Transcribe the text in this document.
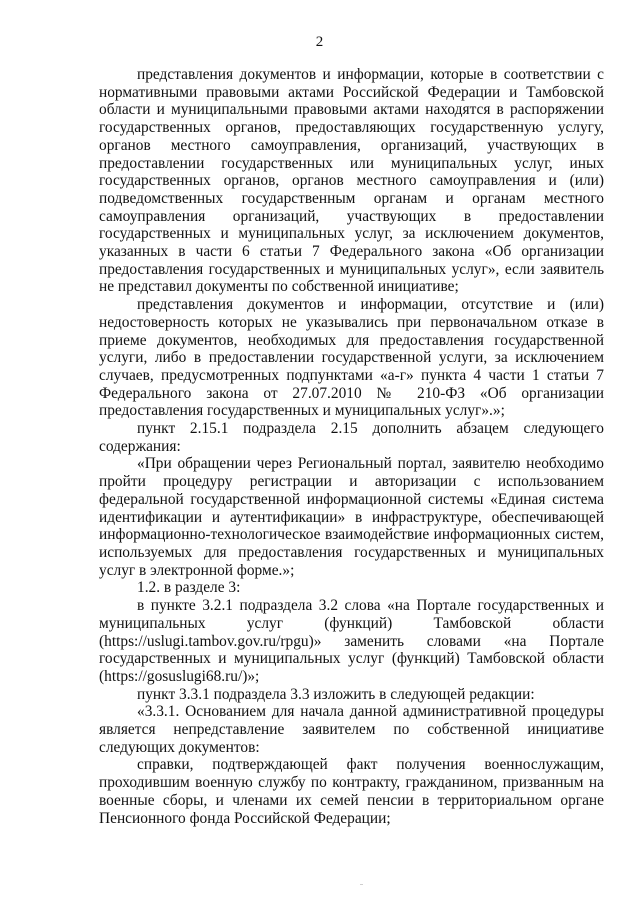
2

представления документов и информации, которые в соответствии с нормативными правовыми актами Российской Федерации и Тамбовской области и муниципальными правовыми актами находятся в распоряжении государственных органов, предоставляющих государственную услугу, органов местного самоуправления, организаций, участвующих в предоставлении государственных или муниципальных услуг, иных государственных органов, органов местного самоуправления и (или) подведомственных государственным органам и органам местного самоуправления организаций, участвующих в предоставлении государственных и муниципальных услуг, за исключением документов, указанных в части 6 статьи 7 Федерального закона «Об организации предоставления государственных и муниципальных услуг», если заявитель не представил документы по собственной инициативе;

представления документов и информации, отсутствие и (или) недостоверность которых не указывались при первоначальном отказе в приеме документов, необходимых для предоставления государственной услуги, либо в предоставлении государственной услуги, за исключением случаев, предусмотренных подпунктами «а-г» пункта 4 части 1 статьи 7 Федерального закона от 27.07.2010 № 210-ФЗ «Об организации предоставления государственных и муниципальных услуг».»;

пункт 2.15.1 подраздела 2.15 дополнить абзацем следующего содержания:

«При обращении через Региональный портал, заявителю необходимо пройти процедуру регистрации и авторизации с использованием федеральной государственной информационной системы «Единая система идентификации и аутентификации» в инфраструктуре, обеспечивающей информационно-технологическое взаимодействие информационных систем, используемых для предоставления государственных и муниципальных услуг в электронной форме.»;

1.2. в разделе 3:

в пункте 3.2.1 подраздела 3.2 слова «на Портале государственных и муниципальных услуг (функций) Тамбовской области (https://uslugi.tambov.gov.ru/rpgu)» заменить словами «на Портале государственных и муниципальных услуг (функций) Тамбовской области (https://gosuslugi68.ru/)»;

пункт 3.3.1 подраздела 3.3 изложить в следующей редакции:

«3.3.1. Основанием для начала данной административной процедуры является непредставление заявителем по собственной инициативе следующих документов:

справки, подтверждающей факт получения военнослужащим, проходившим военную службу по контракту, гражданином, призванным на военные сборы, и членами их семей пенсии в территориальном органе Пенсионного фонда Российской Федерации;
